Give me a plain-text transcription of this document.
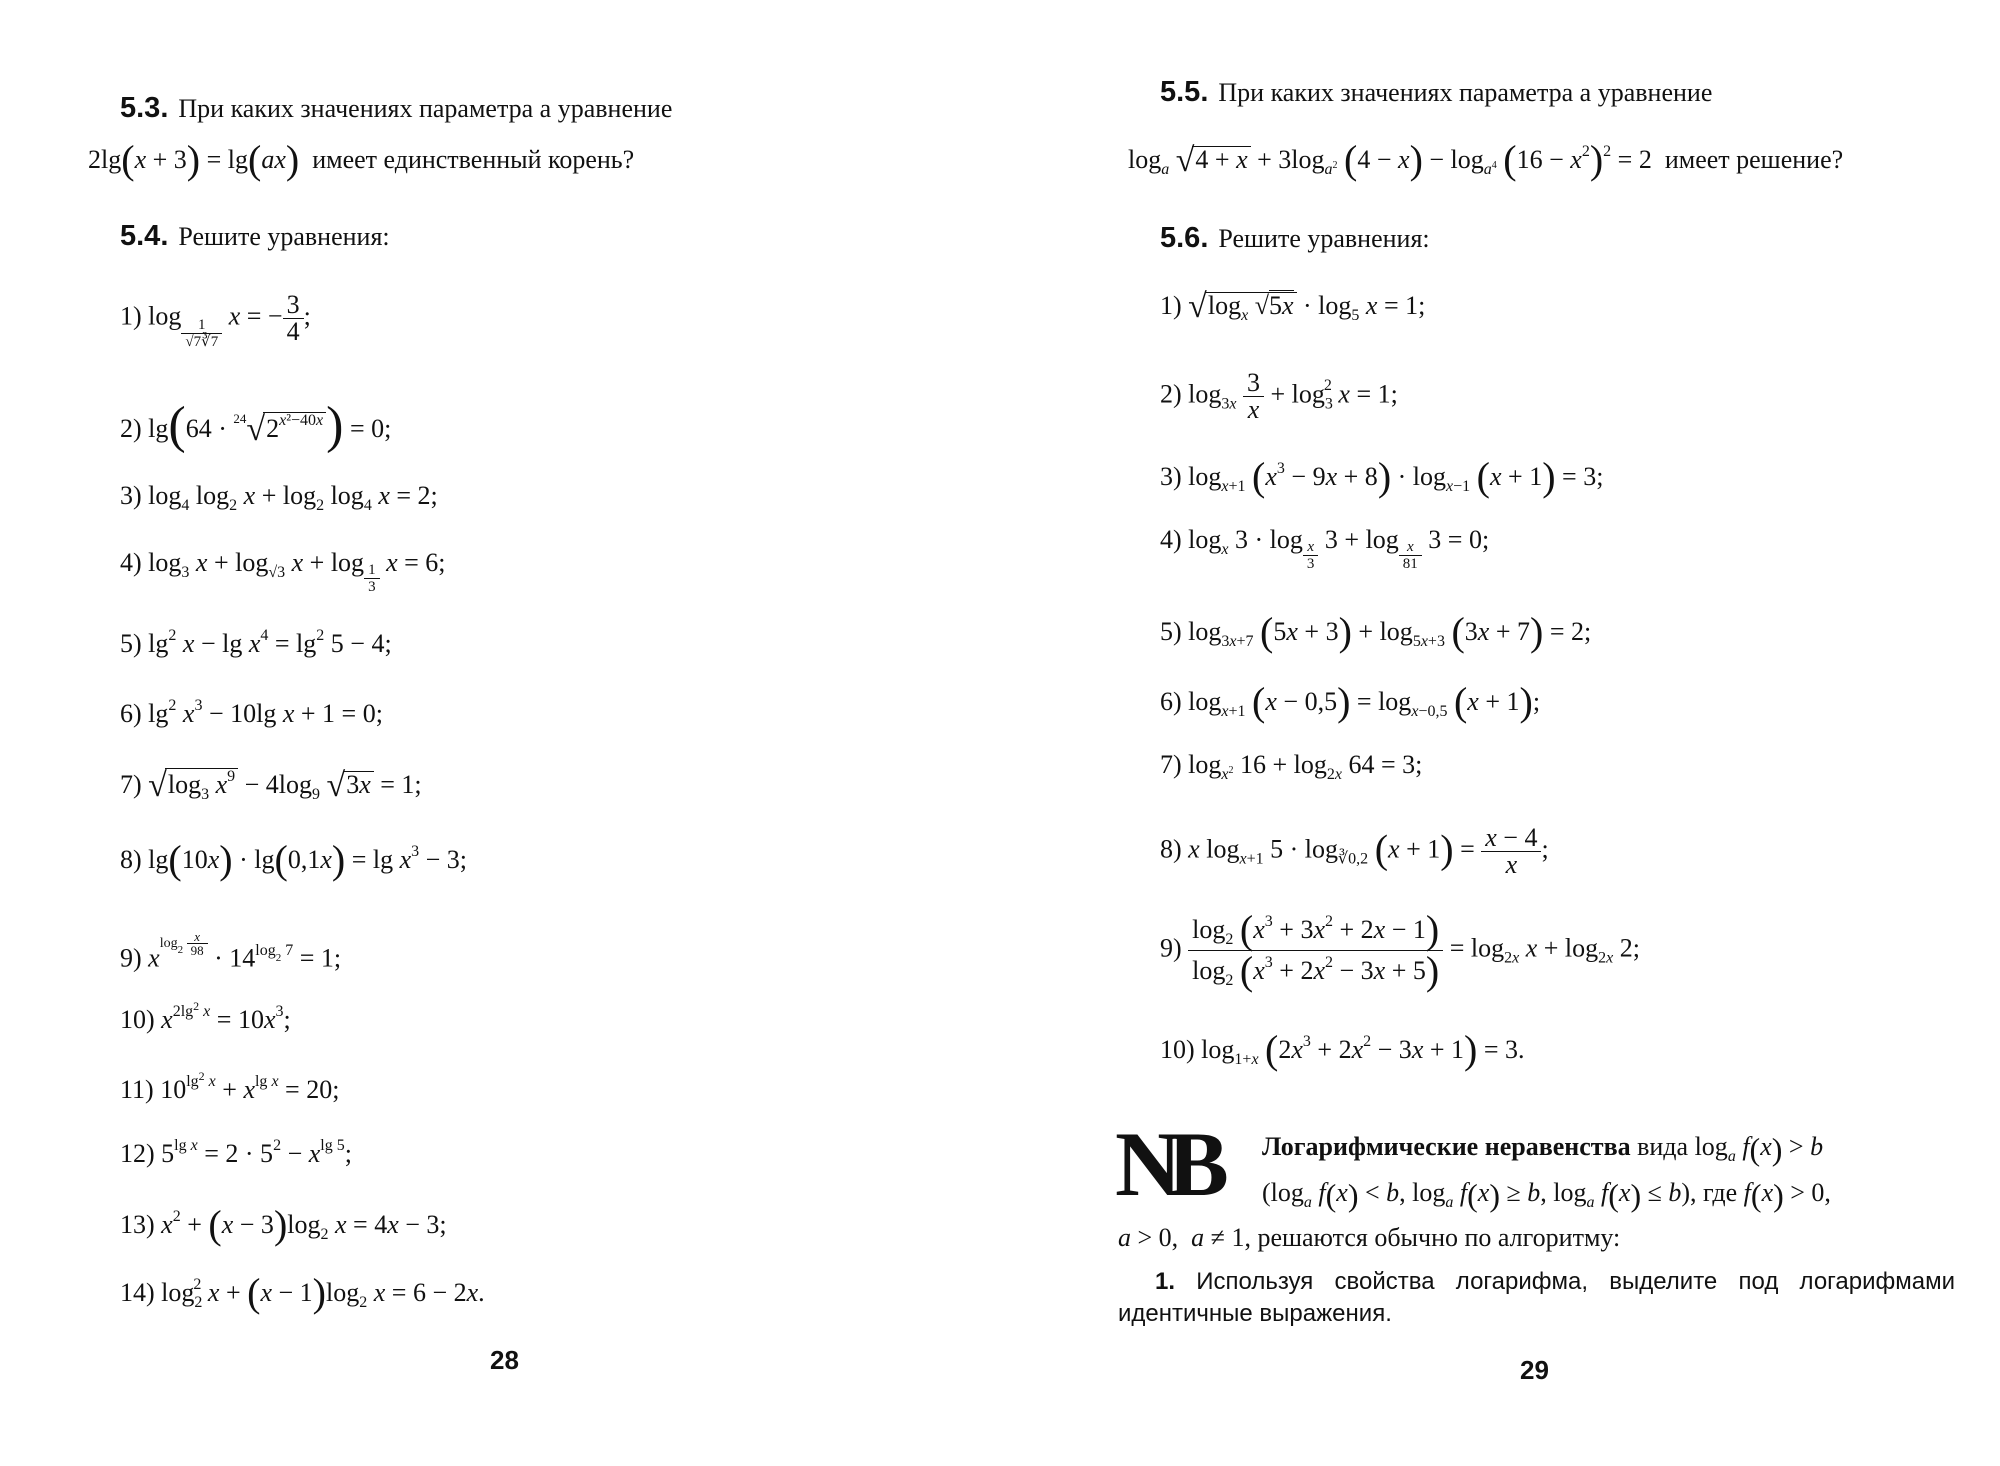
5.3. При каких значениях параметра a уравнение
2lg(x + 3) = lg(ax) имеет единственный корень?
5.4. Решите уравнения:
1) log
$\frac{1}{√7∛7}$
x = − $\frac{3}{4}$ ;
2) $\lg(64 \cdot ^{24}√2^{x^2-40x}) = 0$;
3) $\log_4 \log_2 x + \log_2 \log_4 x = 2$;
4) $\log_3 x + \log_{√3} x + \log \frac{1}{3}$ x = 6;
5) $\lg^2 x - \lg x^4 = \lg^2 5 - 4$;
6) $\lg^2 x^3 - 10\lg$ x + 1 = 0;
7) $√\log_3$ $x^9 - 4\log_9$ √3x = 1;
8) $\lg(10x) \cdot \lg(0,1x) = \lg x^3 - 3$;
9) $x^{log_2 \frac{x}{98}}$
· $14^{log_2 7} = 1$;
10) $x^{2lg^2 x} = 10x^3$;
11) $10^{lg^2 x} + x^{lg x} = 20$;
12) $5^{lg x} = 2 \cdot 5^2 - x^{lg 5}$;
13) $x^2 + (x - 3)\log_2$ x = 4x − 3;
14) $\log_2^2 x + (x - 1)\log_2$ x = 6 − 2x.
28
5.5. При каких значениях параметра a уравнение
$\log_a √4 + x + 3\log_{a^2}$ $(4 - x) - \log_{a^4} (16 - x^2)^2 = 2$  имеет решение?
5.6. Решите уравнения:
1) $√\log_x$ $√5x \cdot \log_5 x = 1$;
2) $\log_{3x} \frac{3}{x} + \log_3^2 x = 1$;
3) $\log_{x+1} (x^3 - 9x + 8) \cdot \log_{x-1} (x + 1) = 3$;
4) $\log_x 3 \cdot \log \frac{x}{3} 3 + \log \frac{x}{81} 3 = 0$;
5) $\log_{3x+7} (5x + 3) + \log_{5x+3} (3x + 7) = 2$;
6) $\log_{x+1} (x - 0,5) = \log_{x-0,5} (x + 1)$;
7) $\log_{x^2} 16 + \log_{2x} 64 = 3$;
8) x $\log_{x+1} 5 \cdot \log_{∛0,2} (x + 1) = \frac{x - 4}{x}$ ;
$9) \frac{\log_2 (x^3 + 3x^2 + 2x - 1)}{\log_2 (x^3 + 2x^2 - 3x + 5)} = \log_{2x} x + \log_{2x} 2$;
10) $\log_{1+x} (2x^3 + 2x^2 - 3x + 1) = 3$.
NB Логарифмические неравенства вида $\log_a f(x) > b$
($\log_a$ f(x) < b, $\log_a f(x) \ge b$, $\log_a f(x) \le b$), где f(x) > 0,
a > 0,  a ≠ 1, решаются обычно по алгоритму:
1. Используя свойства логарифма, выделите под логарифмами
идентичные выражения.
29
